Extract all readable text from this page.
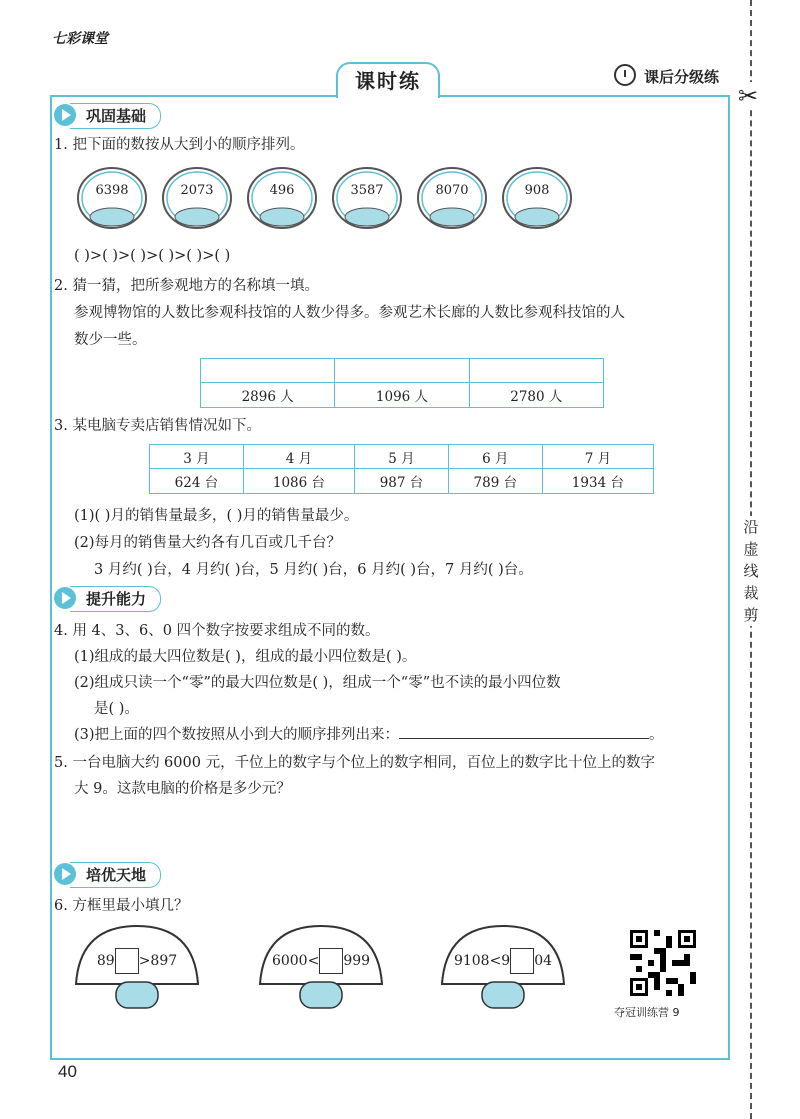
七彩课堂
✂
沿虚线裁剪
课时练	课后分级练
巩固基础
1. 把下面的数按从大到小的顺序排列。
6398	2073	496	3587	8070	908
( )>( )>( )>( )>( )>( )
2. 猜一猜，把所参观地方的名称填一填。
参观博物馆的人数比参观科技馆的人数少得多。参观艺术长廊的人数比参观科技馆的人
数少一些。

2896 人	1096 人	2780 人
3. 某电脑专卖店销售情况如下。
3 月	4 月	5 月	6 月	7 月
624 台	1086 台	987 台	789 台	1934 台
(1)( )月的销售量最多，( )月的销售量最少。
(2)每月的销售量大约各有几百或几千台？
3 月约( )台，4 月约( )台，5 月约( )台，6 月约( )台，7 月约( )台。
提升能力
4. 用 4、3、6、0 四个数字按要求组成不同的数。
(1)组成的最大四位数是( )，组成的最小四位数是( )。
(2)组成只读一个“零”的最大四位数是( )，组成一个“零”也不读的最小四位数
是( )。
(3)把上面的四个数按照从小到大的顺序排列出来：	。
5. 一台电脑大约 6000 元，千位上的数字与个位上的数字相同，百位上的数字比十位上的数字
大 9。这款电脑的价格是多少元？
培优天地
6. 方框里最小填几？
89 >897	6000< 999	9108<9 04
夺冠训练营 9
40
